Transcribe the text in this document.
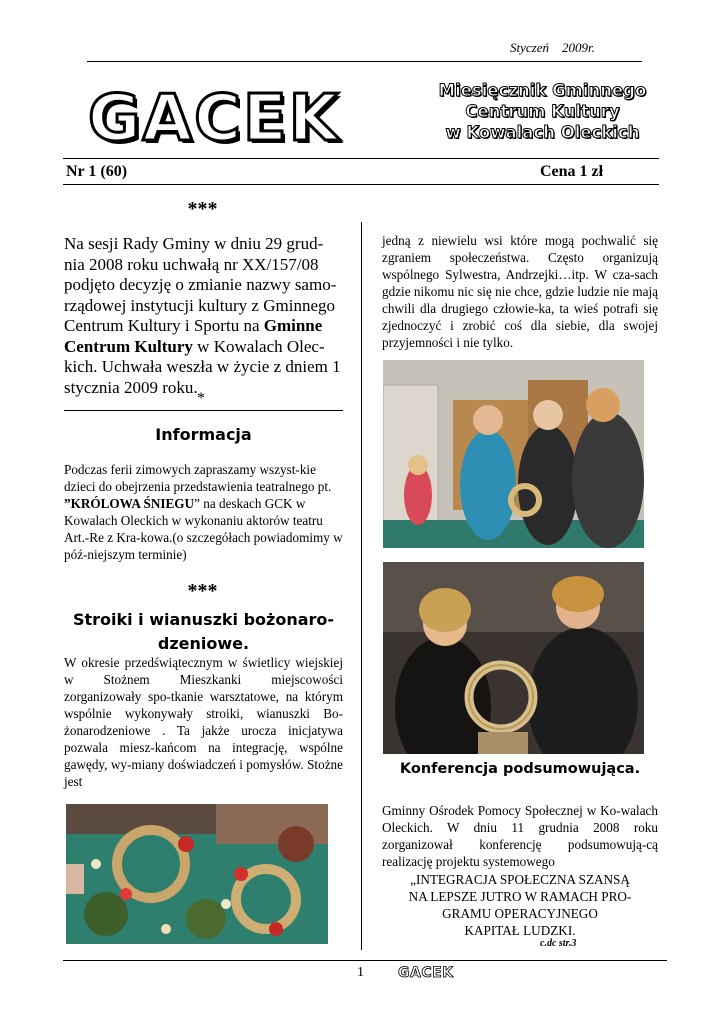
Styczeń    2009r.
GACEK	Miesięcznik Gminnego
Centrum Kultury
w Kowalach Oleckich
Nr 1 (60)	Cena 1 zł
***
Na sesji Rady Gminy w dniu 29 grud-nia 2008 roku uchwałą nr XX/157/08 podjęto decyzję o zmianie nazwy samo-rządowej instytucji kultury z Gminnego Centrum Kultury i Sportu na Gminne Centrum Kultury w Kowalach Olec-kich. Uchwała weszła w życie z dniem 1 stycznia 2009 roku.
*
Informacja
Podczas ferii zimowych zapraszamy wszyst-kie dzieci do obejrzenia przedstawienia teatralnego pt. ”KRÓLOWA ŚNIEGU” na deskach GCK w Kowalach Oleckich w wykonaniu aktorów teatru Art.-Re z Kra-kowa.(o szczegółach powiadomimy w póź-niejszym terminie)
***
Stroiki i wianuszki bożonaro-dzeniowe.
W okresie przedświątecznym w świetlicy wiejskiej w Stożnem Mieszkanki miejscowości zorganizowały spo-tkanie warsztatowe, na którym wspólnie wykonywały stroiki, wianuszki Bo-żonarodzeniowe . Ta jakże urocza inicjatywa pozwala miesz-kańcom na integrację, wspólne gawędy, wy-miany doświadczeń i pomysłów. Stożne jest
jedną z niewielu wsi które mogą pochwalić się zgraniem społeczeństwa. Często organizują wspólnego Sylwestra, Andrzejki…itp. W cza-sach gdzie nikomu nic się nie chce, gdzie ludzie nie mają chwili dla drugiego człowie-ka, ta wieś potrafi się zjednoczyć i zrobić coś dla siebie, dla swojej przyjemności i nie tylko.
Konferencja podsumowująca.
Gminny Ośrodek Pomocy Społecznej w Ko-walach Oleckich. W dniu 11 grudnia 2008 roku zorganizował konferencję podsumowują-cą realizację projektu systemowego
„INTEGRACJA SPOŁECZNA SZANSĄ
NA LEPSZE JUTRO W RAMACH PRO-
GRAMU OPERACYJNEGO
KAPITAŁ LUDZKI.
c.dc str.3
1 GACEK
